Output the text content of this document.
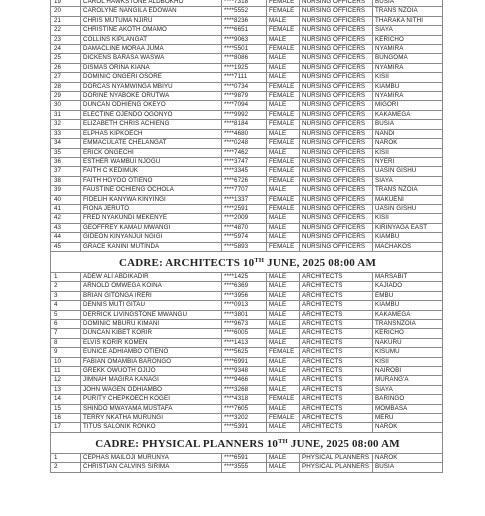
19	CAROL HAWKSTONE ALDBOKHO	****7318	FEMALE	NURSING OFFICERS	BUSIA
20	CAROLYNE NANGILA EDOWAN	****5552	FEMALE	NURSING OFFICERS	TRANS NZOIA
21	CHRIS MUTUMA NJIRU	****8236	MALE	NURSING OFFICERS	THARAKA NITHI
22	CHRISTINE AKOTH OMAMO	****6651	FEMALE	NURSING OFFICERS	SIAYA
23	COLLINS KIPLANGAT	****9063	MALE	NURSING OFFICERS	KERICHO
24	DAMACLINE MORAA JUMA	****5501	FEMALE	NURSING OFFICERS	NYAMIRA
25	DICKENS BARASA WASWA	****8086	MALE	NURSING OFFICERS	BUNGOMA
26	DISMAS ORINA KIANA	****1925	MALE	NURSING OFFICERS	NYAMIRA
27	DOMINIC ONGERI OSORE	****7111	MALE	NURSING OFFICERS	KISII
28	DORCAS NYAMWINGA MBIYU	****0734	FEMALE	NURSING OFFICERS	KIAMBU
29	DORINE NYABOKE ORUTWA	****9879	FEMALE	NURSING OFFICERS	NYAMIRA
30	DUNCAN ODHIENG OKEYO	****7094	MALE	NURSING OFFICERS	MIGORI
31	ELECTINE OJENDO OGONYO	****9992	FEMALE	NURSING OFFICERS	KAKAMEGA
32	ELIZABETH CHRIS ACHIENG	****8184	FEMALE	NURSING OFFICERS	BUSIA
33	ELPHAS KIPKOECH	****4680	MALE	NURSING OFFICERS	NANDI
34	EMMACULATE CHELANGAT	****0248	FEMALE	NURSING OFFICERS	NAROK
35	ERICK ONGECHI	****7462	MALE	NURSING OFFICERS	KISII
36	ESTHER WAMBUI NJOGU	****3747	FEMALE	NURSING OFFICERS	NYERI
37	FAITH C KEDIMUK	****3345	FEMALE	NURSING OFFICERS	UASIN GISHU
38	FAITH HOYOO OTIENO	****6726	FEMALE	NURSING OFFICERS	SIAYA
39	FAUSTINE OCHIENG OCHOLA	****7707	MALE	NURSING OFFICERS	TRANS NZOIA
40	FIDELIH KANYWA KINYINGI	****1337	FEMALE	NURSING OFFICERS	MAKUENI
41	FIONA JERUTO	****2591	FEMALE	NURSING OFFICERS	UASIN GISHU
42	FRED NYAKUNDI MEKENYE	****2009	MALE	NURSING OFFICERS	KISII
43	GEOFFREY KAMAU MWANGI	****4870	MALE	NURSING OFFICERS	KIRINYAGA EAST
44	GIDEON KINYANJUI NGIGI	****5974	MALE	NURSING OFFICERS	KIAMBU
45	GRACE KANINI MUTINDA	****5893	FEMALE	NURSING OFFICERS	MACHAKOS
CADRE: ARCHITECTS 10TH JUNE, 2025 08:00 AM					
1	ADEW ALI ABDIKADIR	****1425	MALE	ARCHITECTS	MARSABIT
2	ARNOLD OMWEGA KOINA	****6369	MALE	ARCHITECTS	KAJIADO
3	BRIAN GITONGA IRERI	****3956	MALE	ARCHITECTS	EMBU
4	DENNIS MUTI GITAU	****0913	MALE	ARCHITECTS	KIAMBU
5	DERRICK LIVINGSTONE MWANGU	****3801	MALE	ARCHITECTS	KAKAMEGA
6	DOMINIC MBURU KIMANI	****9673	MALE	ARCHITECTS	TRANSNZOIA
7	DUNCAN KIBET KORIR	****6005	MALE	ARCHITECTS	KERICHO
8	ELVIS KORIR KOMEN	****1413	MALE	ARCHITECTS	NAKURU
9	EUNICE ADHIAMBO OTIENO	****5625	FEMALE	ARCHITECTS	KISUMU
10	FABIAN OMAMBIA BARONGO	****6991	MALE	ARCHITECTS	KISII
11	GREKK OWUOTH OJIJO	****9348	MALE	ARCHITECTS	NAIROBI
12	JIMNAH MAGIRA KANAGI	****9466	MALE	ARCHITECTS	MURANG'A
13	JOHN WAGEN ODHIAMBO	****3268	MALE	ARCHITECTS	SIAYA
14	PURITY CHEPKOECH KOGEI	****4318	FEMALE	ARCHITECTS	BARINGO
15	SHINDO MWAYAMA MUSTAFA	****7605	MALE	ARCHITECTS	MOMBASA
16	TERRY NKATHA MURUNGI	****3202	FEMALE	ARCHITECTS	MERU
17	TITUS SALONIK RONKO	****5391	MALE	ARCHITECTS	NAROK
CADRE: PHYSICAL PLANNERS 10TH JUNE, 2025 08:00 AM					
1	CEPHAS MAILOJI MURUNYA	****6591	MALE	PHYSICAL PLANNERS	NAROK
2	CHRISTIAN CALVINS SIRIMA	****3555	MALE	PHYSICAL PLANNERS	BUSIA
